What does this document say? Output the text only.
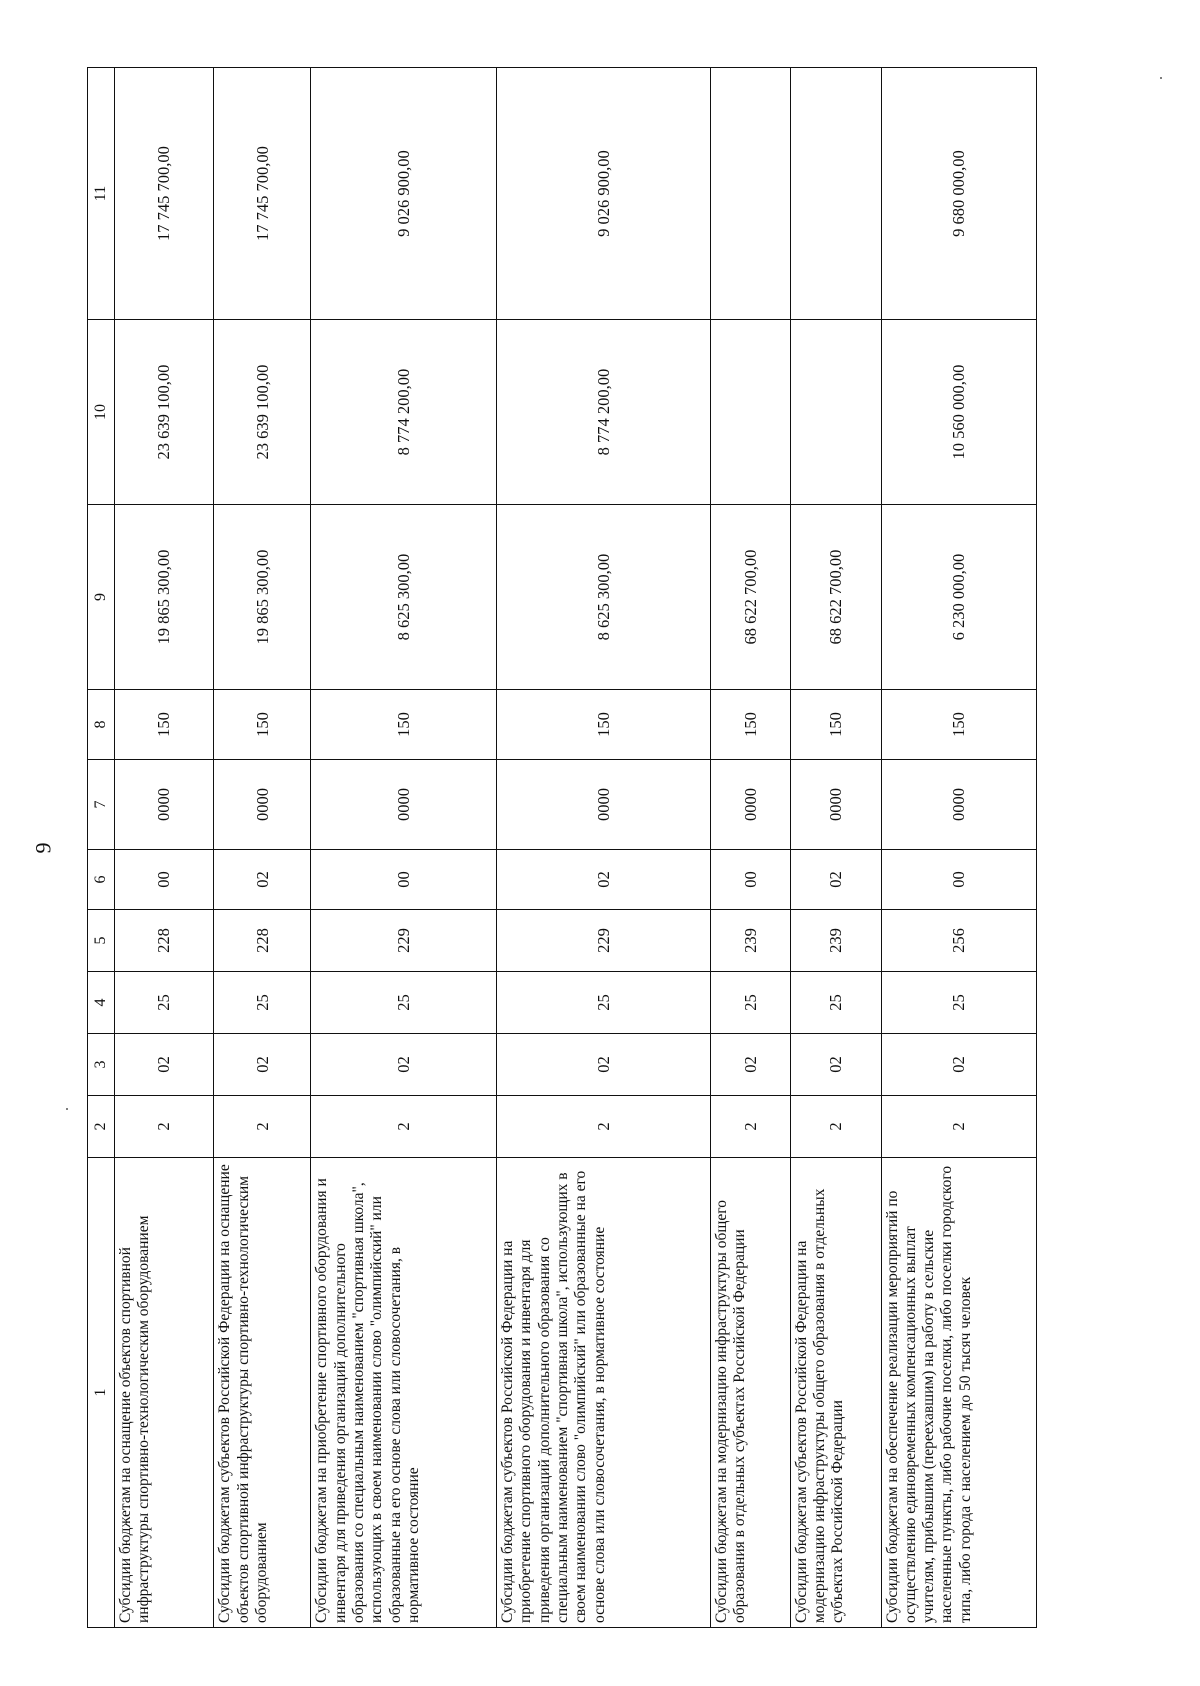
9
1	2	3	4	5	6	7	8	9	10	11
Субсидии бюджетам на оснащение объектов спортивной инфраструктуры спортивно-технологическим оборудованием	2	02	25	228	00	0000	150	19 865 300,00	23 639 100,00	17 745 700,00
Субсидии бюджетам субъектов Российской Федерации на оснащение объектов спортивной инфраструктуры спортивно-технологическим оборудованием	2	02	25	228	02	0000	150	19 865 300,00	23 639 100,00	17 745 700,00
Субсидии бюджетам на приобретение спортивного оборудования и инвентаря для приведения организаций дополнительного образования со специальным наименованием "спортивная школа", использующих в своем наименовании слово "олимпийский" или образованные на его основе слова или словосочетания, в нормативное состояние	2	02	25	229	00	0000	150	8 625 300,00	8 774 200,00	9 026 900,00
Субсидии бюджетам субъектов Российской Федерации на приобретение спортивного оборудования и инвентаря для приведения организаций дополнительного образования со специальным наименованием "спортивная школа", использующих в своем наименовании слово "олимпийский" или образованные на его основе слова или словосочетания, в нормативное состояние	2	02	25	229	02	0000	150	8 625 300,00	8 774 200,00	9 026 900,00
Субсидии бюджетам на модернизацию инфраструктуры общего образования в отдельных субъектах Российской Федерации	2	02	25	239	00	0000	150	68 622 700,00		
Субсидии бюджетам субъектов Российской Федерации на модернизацию инфраструктуры общего образования в отдельных субъектах Российской Федерации	2	02	25	239	02	0000	150	68 622 700,00		
Субсидии бюджетам на обеспечение реализации мероприятий по осуществлению единовременных компенсационных выплат учителям, прибывшим (переехавшим) на работу в сельские населенные пункты, либо рабочие поселки, либо поселки городского типа, либо города с населением до 50 тысяч человек	2	02	25	256	00	0000	150	6 230 000,00	10 560 000,00	9 680 000,00
